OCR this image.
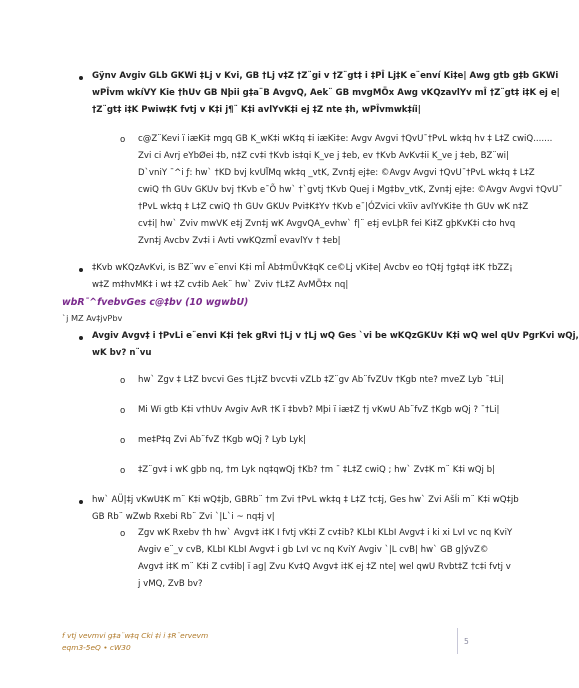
Gÿnv Avgiv GLb GKWi ‡Lj v Kvi, GB †Lj v‡Z †Z¨gi v †Z¨gt‡ i ‡PÎ Lj‡K e¨enví Ki‡e| Awg gtb g‡b GKWi
wPÎvm wkíVY Kie †hUv GB Nþii g‡a¨B AvgvQ, Aek¨ GB mvgMÖx Awg vKQzavlYv mÎ †Z¨gt‡ i‡K ej e|
†Z¨gt‡ i‡K Pwiw‡K fvtj v K‡i j¶¨ K‡i avlYvK‡i ej ‡Z nte ‡h, wPÎvmwk‡íi|
o c@Z¨Kevi ï iæKi‡ mgq GB K_wK‡i wK‡q ‡i iæKi‡e: Avgv Avgvi †QvU¯†PvL wk‡q hv ‡ L‡Z cwiQ.......
Zvi ci Avrj eYbØei ‡b, n‡Z cv‡i †Kvb is‡qi K_ve j ‡eb, ev †Kvb AvKv‡ii K_ve j ‡eb, BZ¨wi|
D`vniY ¯^i ƒ: hw` †KD bvj kvUl̈Mq wk‡q _vtK, Zvn‡j ej‡e: ©Avgv Avgvi †QvU¯†PvL wk‡q ‡ L‡Z
cwiQ †h GUv GKUv bvj †Kvb e¯Õ hw` †`gvtj †Kvb Quej i Mg‡bv_vtK, Zvn‡j ej‡e: ©Avgv Avgvi †QvU¯
†PvL wk‡q ‡ L‡Z cwiQ †h GUv GKUv Pvi‡K‡Yv †Kvb e¯|ÓZvici vkïiv avlYvKi‡e †h GUv wK n‡Z
cv‡i| hw` Zviv mwVK e‡j Zvn‡j wK AvgvQA_evhw` f|¨ e‡j evLþR fei Ki‡Z gþKvK‡i c‡o hvq
Zvn‡j Avcbv Zv‡i i Avti vwKQzmÎ evavlYv † ‡eb|
‡Kvb wKQzAvKvi, is BZ¨wv e¨envi K‡i mÎ Ab‡mÜvK‡qK ce©Lj vKi‡e| Avcbv eo †Q‡j †g‡q‡ i‡K †bZZ¡
w‡Z m‡hvMK‡ i w‡ ‡Z cv‡ib Aek¨ hw` Zviv †L‡Z AvMÖ‡x nq|
wbR¯^fvebvGes c@‡bv (10 wgwbU)
`j MZ Av‡jvPbv
Avgiv Avgv‡ i †PvLi e¨envi K‡i †ek gRvi †Lj v †Lj wQ Ges `vi be wKQzGKUv K‡i wQ wel qUv PgrKvi wQj,
wK bv? n¨vu
o hw` Zgv ‡ L‡Z bvcvi Ges †Lj‡Z bvcv‡i vZLb ‡Z¨gv Ab¨fvZUv †Kgb nte? mveZ Lyb ¯‡Li|
o Mi Wi gtb K‡i v†hUv Avgiv AvR †K ï ‡bvb? Mþi ï iæ‡Z †j vKwU Ab¨fvZ †Kgb wQj ? ¯†Li|
o me‡P‡q Zvi Ab¨fvZ †Kgb wQj ? Lyb Lyk|
o ‡Z¨gv‡ i wK gþb nq, †m Lyk nq‡qwQj †Kb? †m ¯ ‡L‡Z cwiQ ; hw` Zv‡K m¨ K‡i wQj b|
hw` AÜ|‡j vKwU‡K m¨ K‡i wQ‡jb, GBRb¨ †m Zvi †PvL wk‡q ‡ L‡Z †c‡j, Ges hw` Zvi AšÍi m¨ K‡i wQ‡jb
GB Rb¨ wZwb Rxebi Rb¨ Zvi `|L`i ~ nq‡j v|
o Zgv wK Rxebv †h hw` Avgv‡ i‡K I fvtj vK‡i Z cv‡ib? KLbI KLbI Avgv‡ i ki xi LvI vc nq KviY
Avgiv e¨_v cvB, KLbI KLbI Avgv‡ i gb LvI vc nq KviY Avgiv `|L cvB| hw` GB g|ývZ©
Avgv‡ i‡K m¨ K‡i Z cv‡ib| ï ag| Zvu Kv‡Q Avgv‡ i‡K ej ‡Z nte| wel qwU Rvbt‡Z †c‡i fvtj v
j vMQ, ZvB bv?
f vtj vevmvi g‡a¨w‡q Cki ‡i i ‡R¨ervevm
eqm3-5eQ • cW30
5
